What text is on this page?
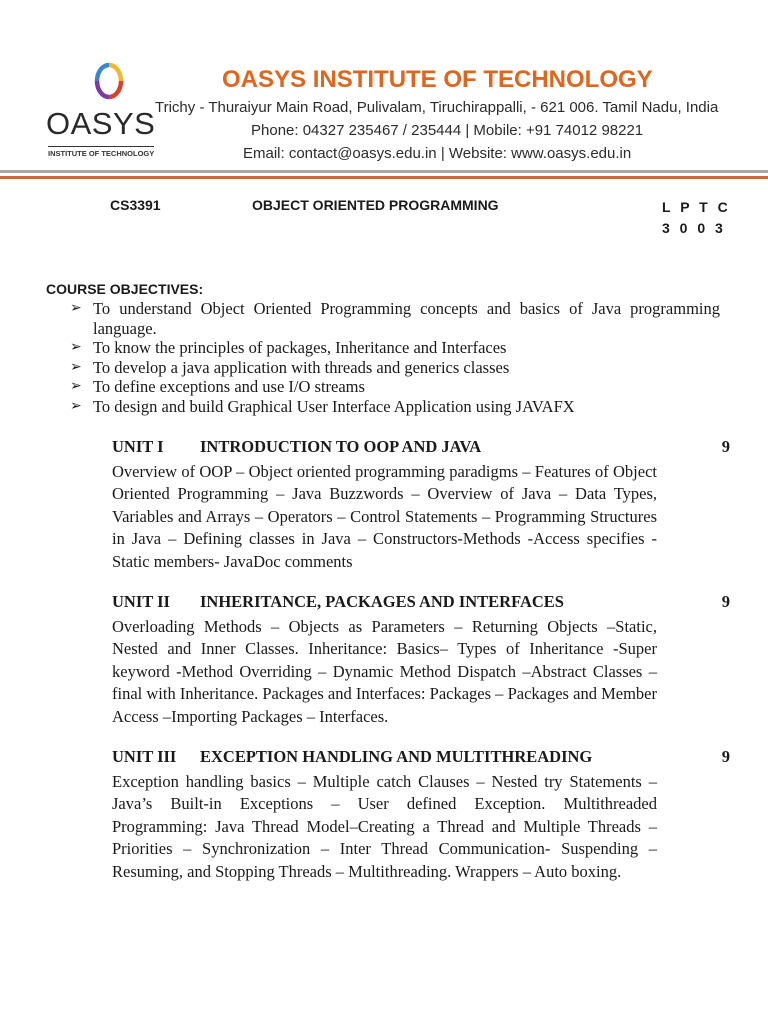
OASYS
INSTITUTE OF TECHNOLOGY
OASYS INSTITUTE OF TECHNOLOGY
Trichy - Thuraiyur Main Road, Pulivalam, Tiruchirappalli, - 621 006. Tamil Nadu, India
Phone: 04327 235467 / 235444 | Mobile: +91 74012 98221
Email: contact@oasys.edu.in | Website: www.oasys.edu.in
CS3391	OBJECT ORIENTED PROGRAMMING	L P T C
3 0 0 3
COURSE OBJECTIVES:
➢ To understand Object Oriented Programming concepts and basics of Java programming language.
➢ To know the principles of packages, Inheritance and Interfaces
➢ To develop a java application with threads and generics classes
➢ To define exceptions and use I/O streams
➢ To design and build Graphical User Interface Application using JAVAFX
UNIT I INTRODUCTION TO OOP AND JAVA	9

Overview of OOP – Object oriented programming paradigms – Features of Object Oriented Programming – Java Buzzwords – Overview of Java – Data Types, Variables and Arrays – Operators – Control Statements – Programming Structures in Java – Defining classes in Java – Constructors-Methods -Access specifies - Static members- JavaDoc comments

UNIT II INHERITANCE, PACKAGES AND INTERFACES	9

Overloading Methods – Objects as Parameters – Returning Objects –Static, Nested and Inner Classes. Inheritance: Basics– Types of Inheritance -Super keyword -Method Overriding – Dynamic Method Dispatch –Abstract Classes – final with Inheritance. Packages and Interfaces: Packages – Packages and Member Access –Importing Packages – Interfaces.

UNIT III EXCEPTION HANDLING AND MULTITHREADING	9

Exception handling basics – Multiple catch Clauses – Nested try Statements – Java’s Built-in Exceptions – User defined Exception. Multithreaded Programming: Java Thread Model–Creating a Thread and Multiple Threads – Priorities – Synchronization – Inter Thread Communication- Suspending –Resuming, and Stopping Threads – Multithreading. Wrappers – Auto boxing.
